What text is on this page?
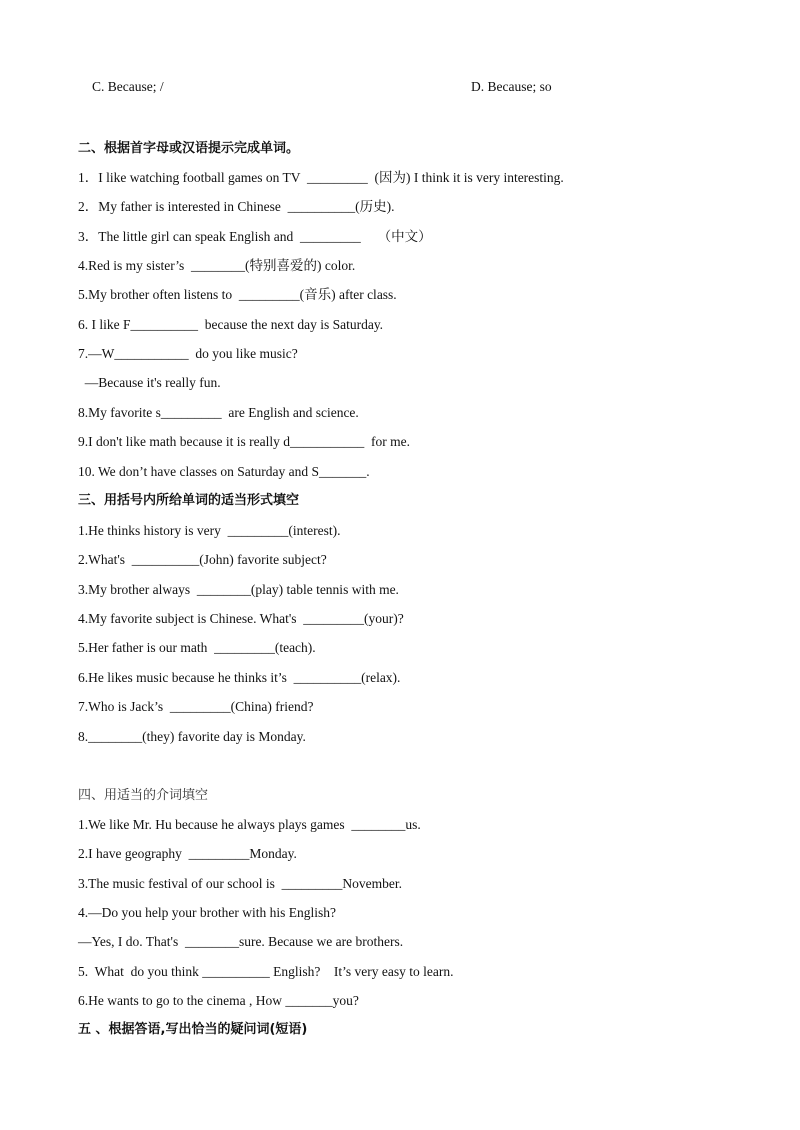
C. Because; /	D. Because; so
二、根据首字母或汉语提示完成单词。
1．I like watching football games on TV  _________  (因为) I think it is very interesting.
2．My father is interested in Chinese  __________(历史).
3．The little girl can speak English and  _________     （中文）
4.Red is my sister’s  ________(特别喜爱的) color.
5.My brother often listens to  _________(音乐) after class.
6. I like F__________  because the next day is Saturday.
7.—W___________  do you like music?
—Because it's really fun.
8.My favorite s_________  are English and science.
9.I don't like math because it is really d___________  for me.
10. We don’t have classes on Saturday and S_______.
三、用括号内所给单词的适当形式填空
1.He thinks history is very  _________(interest).
2.What's  __________(John) favorite subject?
3.My brother always  ________(play) table tennis with me.
4.My favorite subject is Chinese. What's  _________(your)?
5.Her father is our math  _________(teach).
6.He likes music because he thinks it’s  __________(relax).
7.Who is Jack’s  _________(China) friend?
8.________(they) favorite day is Monday.
四、用适当的介词填空
1.We like Mr. Hu because he always plays games  ________us.
2.I have geography  _________Monday.
3.The music festival of our school is  _________November.
4.—Do you help your brother with his English?
—Yes, I do. That's  ________sure. Because we are brothers.
5.  What  do you think __________ English?    It’s very easy to learn.
6.He wants to go to the cinema , How _______you?
五 、根据答语,写出恰当的疑问词(短语)
